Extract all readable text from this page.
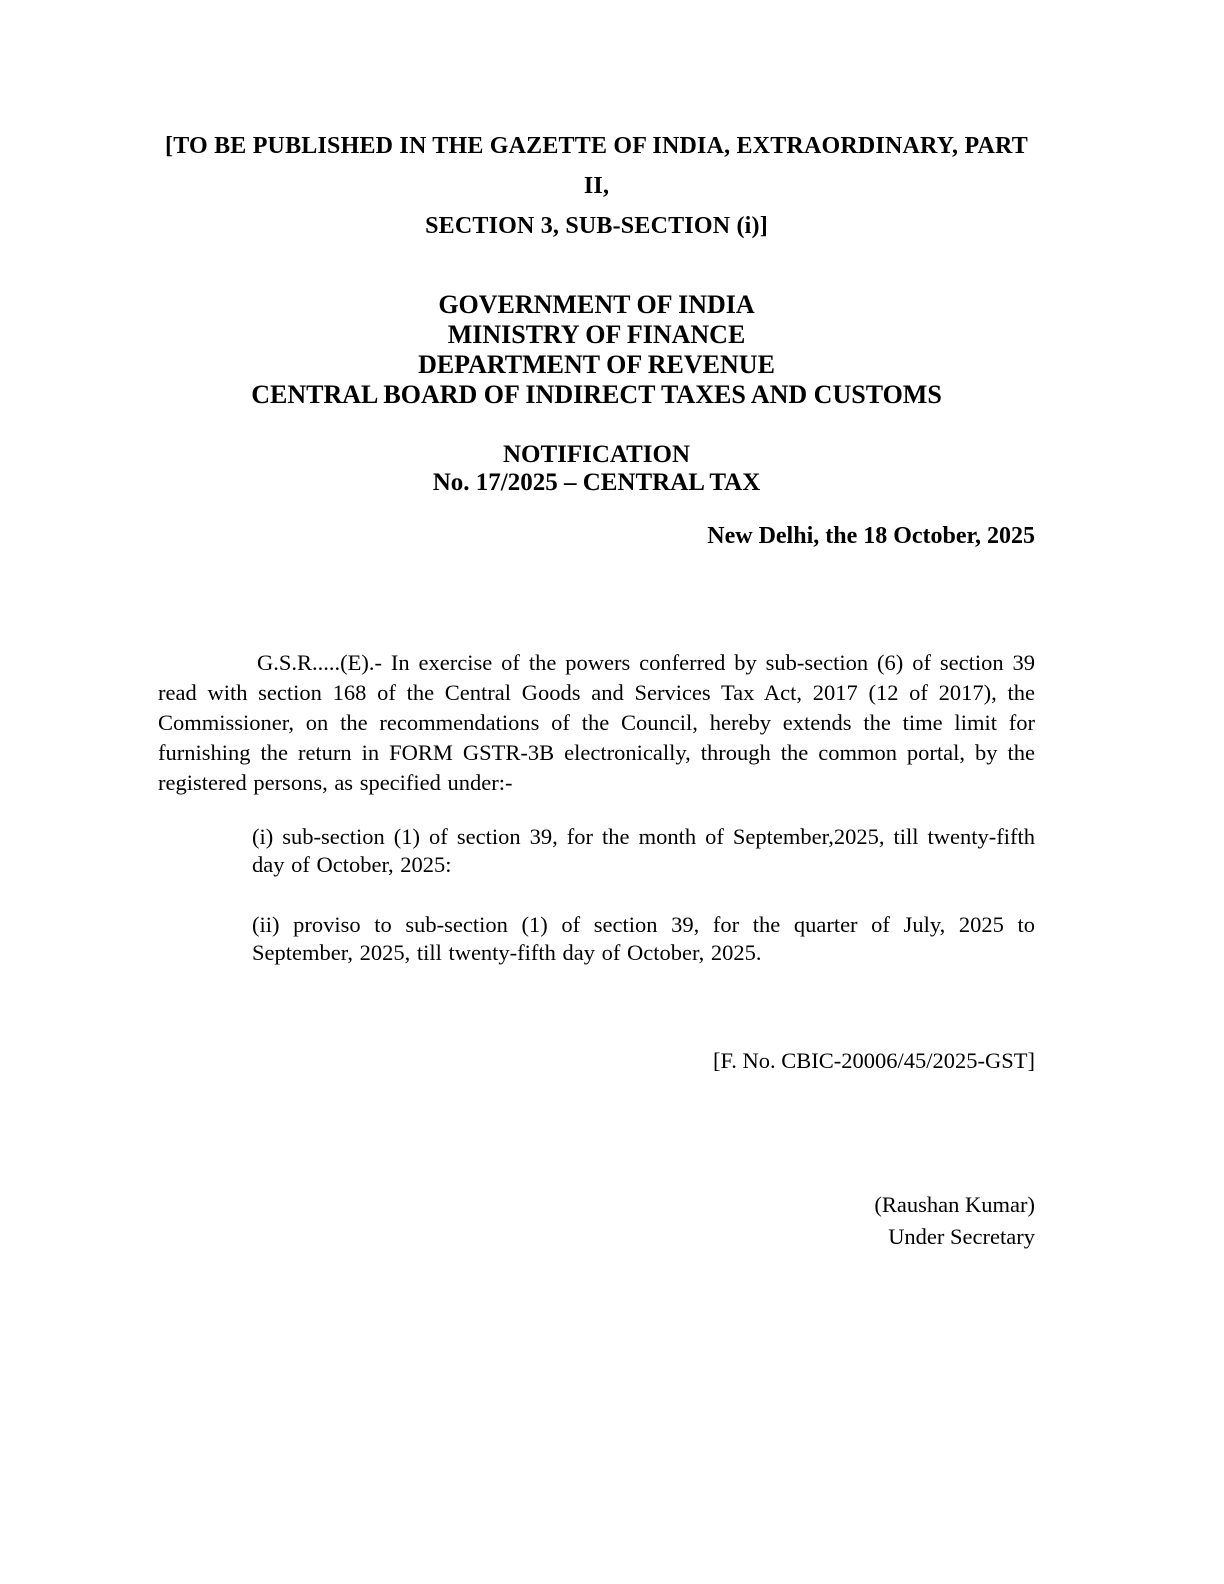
[TO BE PUBLISHED IN THE GAZETTE OF INDIA, EXTRAORDINARY, PART II,
SECTION 3, SUB-SECTION (i)]
GOVERNMENT OF INDIA
MINISTRY OF FINANCE
DEPARTMENT OF REVENUE
CENTRAL BOARD OF INDIRECT TAXES AND CUSTOMS
NOTIFICATION
No. 17/2025 – CENTRAL TAX
New Delhi, the 18 October, 2025

G.S.R.....(E).- In exercise of the powers conferred by sub-section (6) of section 39 read with section 168 of the Central Goods and Services Tax Act, 2017 (12 of 2017), the Commissioner, on the recommendations of the Council, hereby extends the time limit for furnishing the return in FORM GSTR-3B electronically, through the common portal, by the registered persons, as specified under:-

(i) sub-section (1) of section 39, for the month of September,2025, till twenty-fifth day of October, 2025:

(ii) proviso to sub-section (1) of section 39, for the quarter of July, 2025 to September, 2025, till twenty-fifth day of October, 2025.

[F. No. CBIC-20006/45/2025-GST]
(Raushan Kumar)
Under Secretary
